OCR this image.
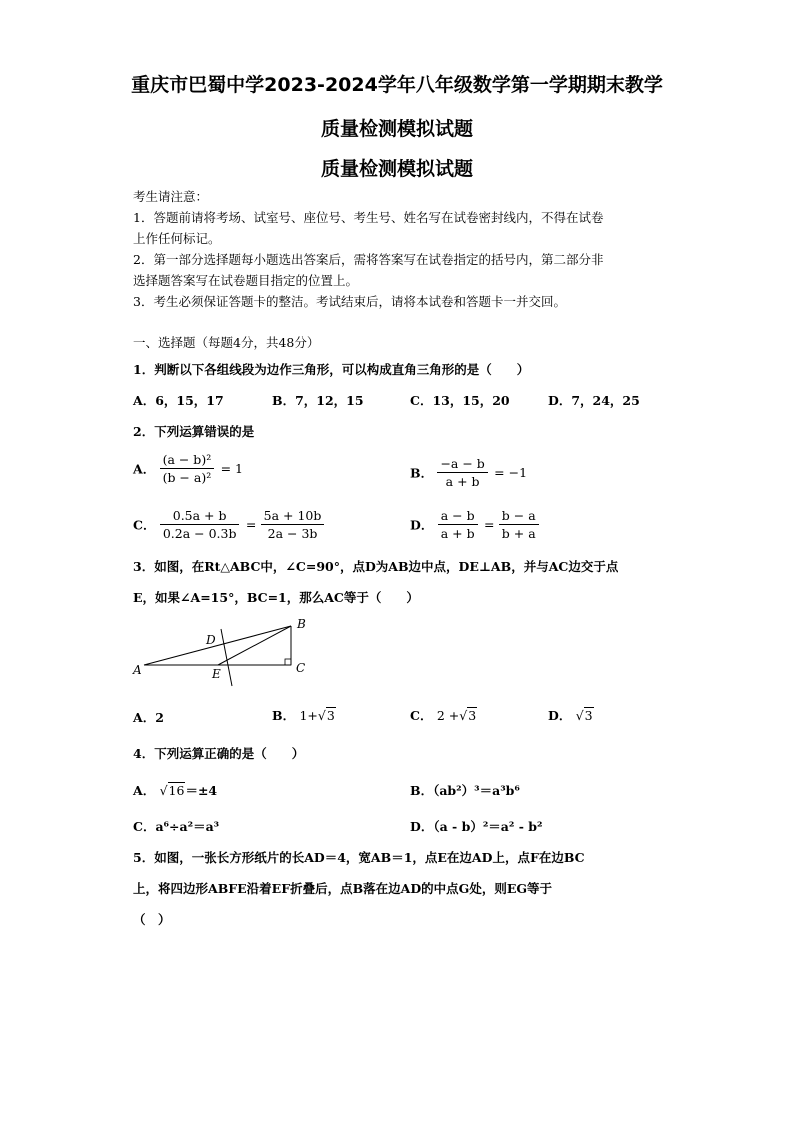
重庆市巴蜀中学2023-2024学年八年级数学第一学期期末教学
质量检测模拟试题
质量检测模拟试题
考生请注意：
1．答题前请将考场、试室号、座位号、考生号、姓名写在试卷密封线内，不得在试卷
上作任何标记。
2．第一部分选择题每小题选出答案后，需将答案写在试卷指定的括号内，第二部分非
选择题答案写在试卷题目指定的位置上。
3．考生必须保证答题卡的整洁。考试结束后，请将本试卷和答题卡一并交回。
一、选择题（每题4分，共48分）
1．判断以下各组线段为边作三角形，可以构成直角三角形的是（　　）
A．6，15，17	B．7，12，15	C．13，15，20	D．7，24，25
2．下列运算错误的是
A． $\frac{\text{(a − b)²}}{\text{(b − a)²}} = 1$	B． $\frac{-a - b}{a + b} = -1$
C． $\frac{0.5a + b}{0.2a - 0.3b} = \frac{5a + 10b}{2a - 3b}$	D． $\frac{a - b}{a + b} = \frac{b - a}{b + a}$
3．如图，在Rt△ABC中，∠C=90°，点D为AB边中点，DE⊥AB，并与AC边交于点
E，如果∠A=15°，BC=1，那么AC等于（　　）
A
B
C
D
E
A．2	B． 1+√3	C． 2 +√3	D． √3
4．下列运算正确的是（　　）
A． √16＝±4	B．（ab²）³＝a³b⁶
C．a⁶÷a²＝a³	D．（a - b）²＝a² - b²
5．如图，一张长方形纸片的长AD＝4，宽AB＝1，点E在边AD上，点F在边BC
上，将四边形ABFE沿着EF折叠后，点B落在边AD的中点G处，则EG等于
（　）
